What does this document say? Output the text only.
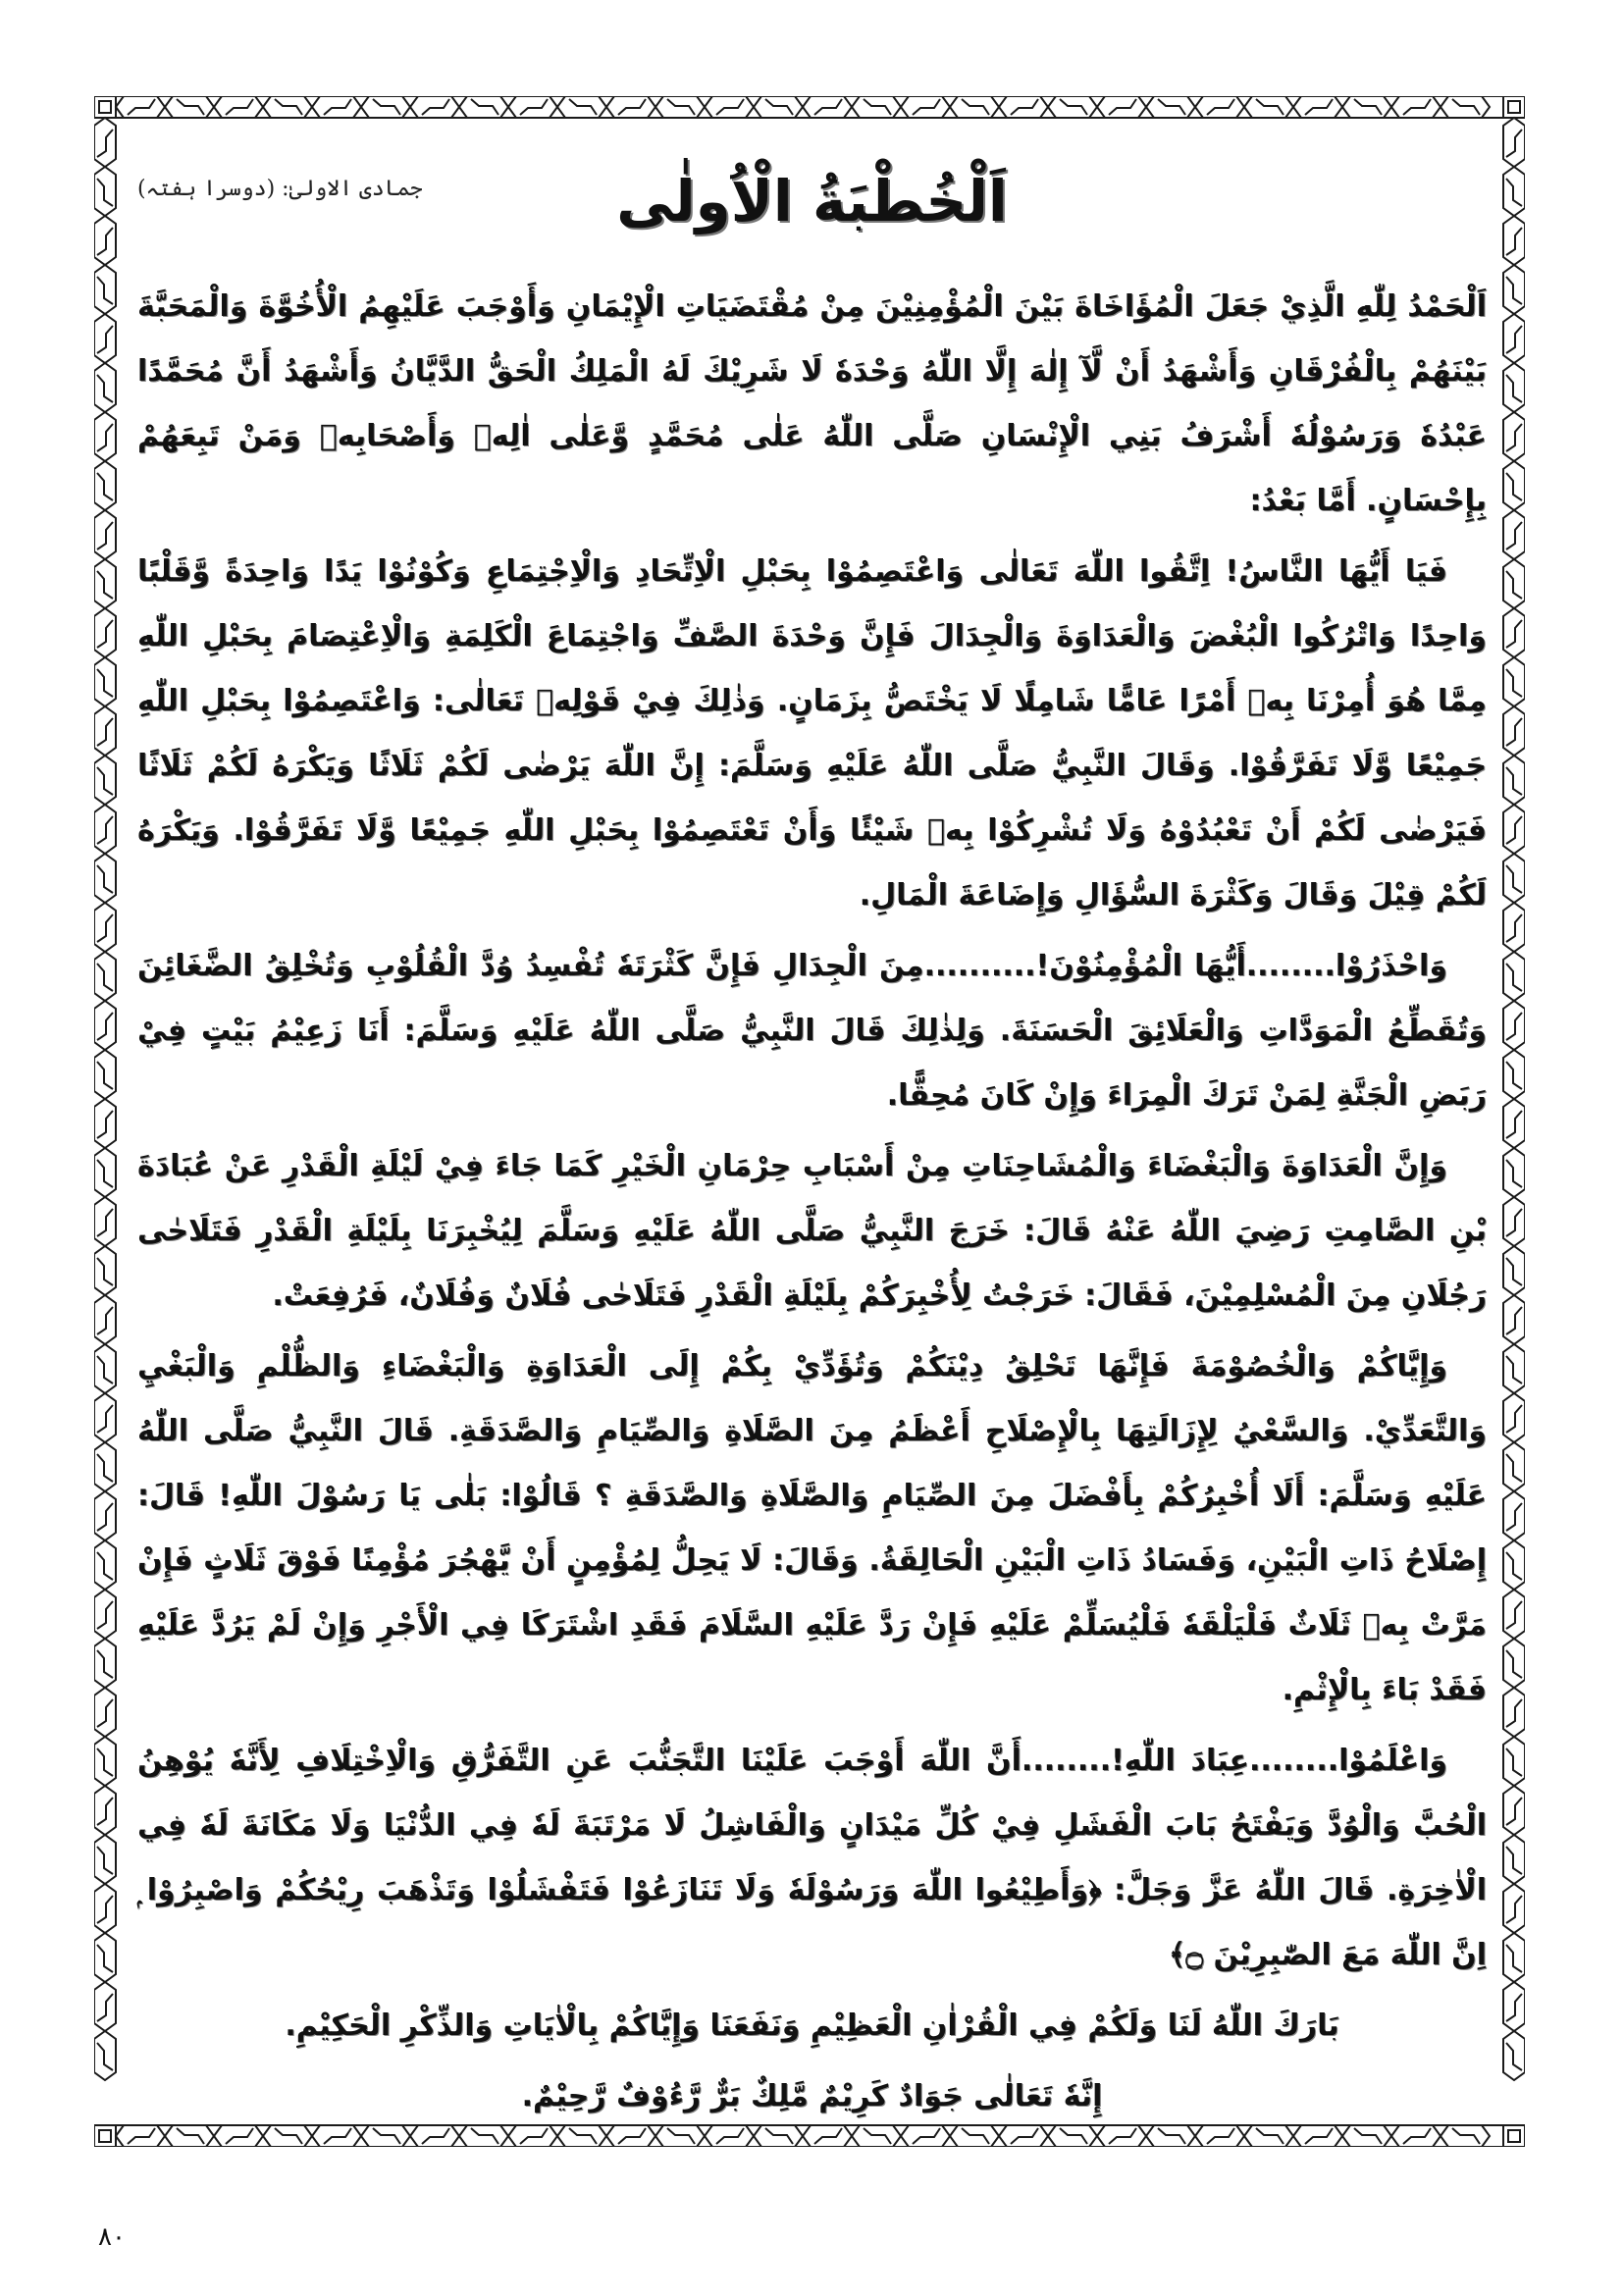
اَلْخُطْبَةُ الْاُولٰى
جمادی الاولیٰ: (دوسرا ہفتہ)

اَلْحَمْدُ لِلّٰهِ الَّذِيْ جَعَلَ الْمُؤَاخَاةَ بَيْنَ الْمُؤْمِنِيْنَ مِنْ مُقْتَضَيَاتِ الْإِيْمَانِ وَأَوْجَبَ عَلَيْهِمُ الْأُخُوَّةَ وَالْمَحَبَّةَ بَيْنَهُمْ بِالْفُرْقَانِ وَأَشْهَدُ أَنْ لَّآ إِلٰهَ إِلَّا اللّٰهُ وَحْدَهٗ لَا شَرِيْكَ لَهُ الْمَلِكُ الْحَقُّ الدَّيَّانُ وَأَشْهَدُ أَنَّ مُحَمَّدًا عَبْدُهٗ وَرَسُوْلُهٗ أَشْرَفُ بَنِي الْإِنْسَانِ صَلَّى اللّٰهُ عَلٰى مُحَمَّدٍ وَّعَلٰى اٰلِهٖ وَأَصْحَابِهٖ وَمَنْ تَبِعَهُمْ بِإِحْسَانٍ. أَمَّا بَعْدُ:

فَيَا أَيُّهَا النَّاسُ! اِتَّقُوا اللّٰهَ تَعَالٰى وَاعْتَصِمُوْا بِحَبْلِ الْاِتِّحَادِ وَالْاِجْتِمَاعِ وَكُوْنُوْا يَدًا وَاحِدَةً وَّقَلْبًا وَاحِدًا وَاتْرُكُوا الْبُغْضَ وَالْعَدَاوَةَ وَالْجِدَالَ فَإِنَّ وَحْدَةَ الصَّفِّ وَاجْتِمَاعَ الْكَلِمَةِ وَالْاِعْتِصَامَ بِحَبْلِ اللّٰهِ مِمَّا هُوَ أُمِرْنَا بِهٖ أَمْرًا عَامًّا شَامِلًا لَا يَخْتَصُّ بِزَمَانٍ. وَذٰلِكَ فِيْ قَوْلِهٖ تَعَالٰى: وَاعْتَصِمُوْا بِحَبْلِ اللّٰهِ جَمِيْعًا وَّلَا تَفَرَّقُوْا. وَقَالَ النَّبِيُّ صَلَّى اللّٰهُ عَلَيْهِ وَسَلَّمَ: إِنَّ اللّٰهَ يَرْضٰى لَكُمْ ثَلَاثًا وَيَكْرَهُ لَكُمْ ثَلَاثًا فَيَرْضٰى لَكُمْ أَنْ تَعْبُدُوْهُ وَلَا تُشْرِكُوْا بِهٖ شَيْئًا وَأَنْ تَعْتَصِمُوْا بِحَبْلِ اللّٰهِ جَمِيْعًا وَّلَا تَفَرَّقُوْا. وَيَكْرَهُ لَكُمْ قِيْلَ وَقَالَ وَكَثْرَةَ السُّؤَالِ وَإِضَاعَةَ الْمَالِ.

وَاحْذَرُوْا........أَيُّهَا الْمُؤْمِنُوْنَ!..........مِنَ الْجِدَالِ فَإِنَّ كَثْرَتَهٗ تُفْسِدُ وُدَّ الْقُلُوْبِ وَتُخْلِقُ الضَّغَائِنَ وَتُقَطِّعُ الْمَوَدَّاتِ وَالْعَلَائِقَ الْحَسَنَةَ. وَلِذٰلِكَ قَالَ النَّبِيُّ صَلَّى اللّٰهُ عَلَيْهِ وَسَلَّمَ: أَنَا زَعِيْمُ بَيْتٍ فِيْ رَبَضِ الْجَنَّةِ لِمَنْ تَرَكَ الْمِرَاءَ وَإِنْ كَانَ مُحِقًّا.

وَإِنَّ الْعَدَاوَةَ وَالْبَغْضَاءَ وَالْمُشَاحِنَاتِ مِنْ أَسْبَابِ حِرْمَانِ الْخَيْرِ كَمَا جَاءَ فِيْ لَيْلَةِ الْقَدْرِ عَنْ عُبَادَةَ بْنِ الصَّامِتِ رَضِيَ اللّٰهُ عَنْهُ قَالَ: خَرَجَ النَّبِيُّ صَلَّى اللّٰهُ عَلَيْهِ وَسَلَّمَ لِيُخْبِرَنَا بِلَيْلَةِ الْقَدْرِ فَتَلَاحٰى رَجُلَانِ مِنَ الْمُسْلِمِيْنَ، فَقَالَ: خَرَجْتُ لِأُخْبِرَكُمْ بِلَيْلَةِ الْقَدْرِ فَتَلَاحٰى فُلَانٌ وَفُلَانٌ، فَرُفِعَتْ.

وَإِيَّاكُمْ وَالْخُصُوْمَةَ فَإِنَّهَا تَحْلِقُ دِيْنَكُمْ وَتُؤَدِّيْ بِكُمْ إِلَى الْعَدَاوَةِ وَالْبَغْضَاءِ وَالظُّلْمِ وَالْبَغْيِ وَالتَّعَدِّيْ. وَالسَّعْيُ لِإِزَالَتِهَا بِالْإِصْلَاحِ أَعْظَمُ مِنَ الصَّلَاةِ وَالصِّيَامِ وَالصَّدَقَةِ. قَالَ النَّبِيُّ صَلَّى اللّٰهُ عَلَيْهِ وَسَلَّمَ: أَلَا أُخْبِرُكُمْ بِأَفْضَلَ مِنَ الصِّيَامِ وَالصَّلَاةِ وَالصَّدَقَةِ ؟ قَالُوْا: بَلٰى يَا رَسُوْلَ اللّٰهِ! قَالَ: إِصْلَاحُ ذَاتِ الْبَيْنِ، وَفَسَادُ ذَاتِ الْبَيْنِ الْحَالِقَةُ. وَقَالَ: لَا يَحِلُّ لِمُؤْمِنٍ أَنْ يَّهْجُرَ مُؤْمِنًا فَوْقَ ثَلَاثٍ فَإِنْ مَرَّتْ بِهٖ ثَلَاثٌ فَلْيَلْقَهٗ فَلْيُسَلِّمْ عَلَيْهِ فَإِنْ رَدَّ عَلَيْهِ السَّلَامَ فَقَدِ اشْتَرَكَا فِي الْأَجْرِ وَإِنْ لَمْ يَرُدَّ عَلَيْهِ فَقَدْ بَاءَ بِالْإِثْمِ.

وَاعْلَمُوْا........عِبَادَ اللّٰهِ!........أَنَّ اللّٰهَ أَوْجَبَ عَلَيْنَا التَّجَنُّبَ عَنِ التَّفَرُّقِ وَالْاِخْتِلَافِ لِأَنَّهٗ يُوْهِنُ الْحُبَّ وَالْوُدَّ وَيَفْتَحُ بَابَ الْفَشَلِ فِيْ كُلِّ مَيْدَانٍ وَالْفَاشِلُ لَا مَرْتَبَةَ لَهٗ فِي الدُّنْيَا وَلَا مَكَانَةَ لَهٗ فِي الْاٰخِرَةِ. قَالَ اللّٰهُ عَزَّ وَجَلَّ: ﴿وَأَطِيْعُوا اللّٰهَ وَرَسُوْلَهٗ وَلَا تَنَازَعُوْا فَتَفْشَلُوْا وَتَذْهَبَ رِيْحُكُمْ وَاصْبِرُوْا ۭ اِنَّ اللّٰهَ مَعَ الصّٰبِرِيْنَ ۝﴾

بَارَكَ اللّٰهُ لَنَا وَلَكُمْ فِي الْقُرْاٰنِ الْعَظِيْمِ وَنَفَعَنَا وَإِيَّاكُمْ بِالْاٰيَاتِ وَالذِّكْرِ الْحَكِيْمِ.

إِنَّهٗ تَعَالٰى جَوَادٌ كَرِيْمٌ مَّلِكٌ بَرٌّ رَّءُوْفٌ رَّحِيْمٌ.

٨٠
